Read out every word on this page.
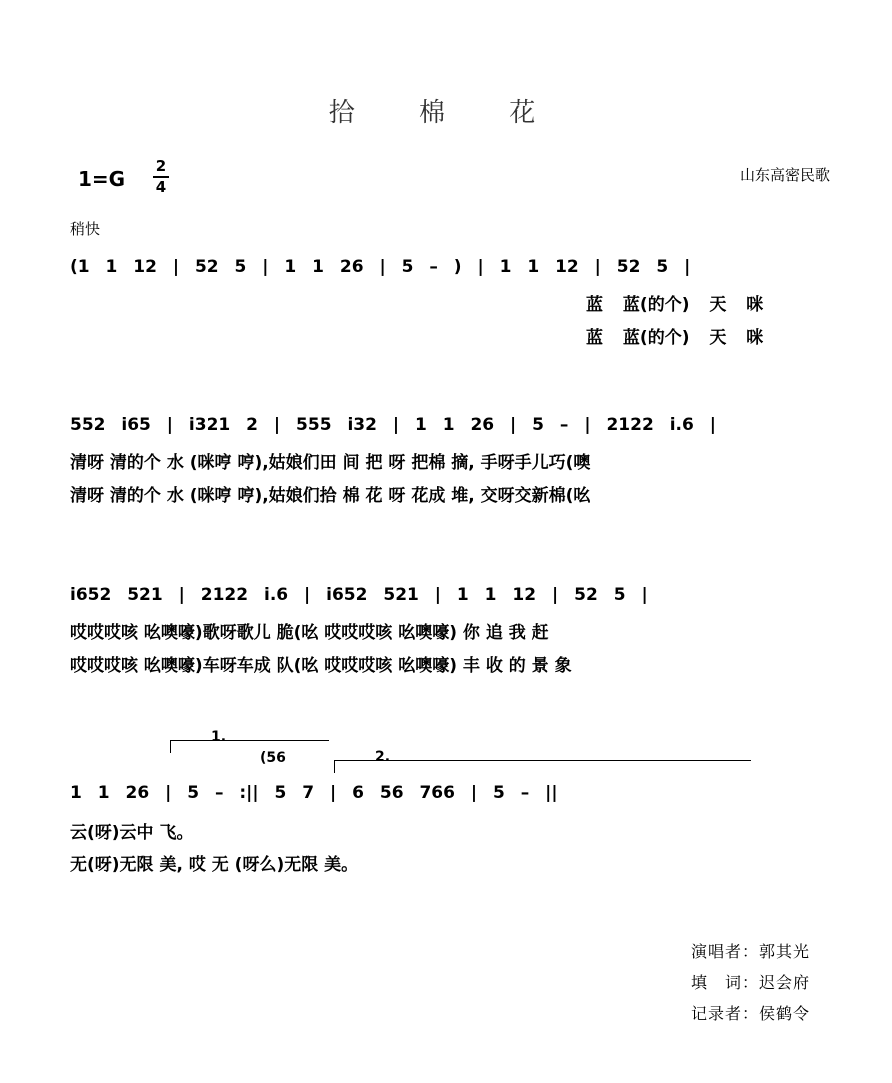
拾 棉 花
1=G
2
4
山东高密民歌
稍快
(1 1 12 | 52 5 | 1 1 26 | 5 – ) | 1 1 12 | 52 5 |
蓝 蓝(的个) 天 咪
蓝 蓝(的个) 天 咪
552 i65 | i321 2 | 555 i32 | 1 1 26 | 5 – | 2122 i.6 |
清呀 清的个 水 (咪哼 哼),姑娘们田 间 把 呀 把棉 摘, 手呀手儿巧(噢
清呀 清的个 水 (咪哼 哼),姑娘们拾 棉 花 呀 花成 堆, 交呀交新棉(吆
i652 521 | 2122 i.6 | i652 521 | 1 1 12 | 52 5 |
哎哎哎咳 吆噢嚎)歌呀歌儿 脆(吆 哎哎哎咳 吆噢嚎) 你 追 我 赶
哎哎哎咳 吆噢嚎)车呀车成 队(吆 哎哎哎咳 吆噢嚎) 丰 收 的 景 象
1.
2.
(56
1 1 26 | 5 – :|| 5 7 | 6 56 766 | 5 – ||
云(呀)云中 飞。
无(呀)无限 美, 哎 无 (呀么)无限 美。
演唱者：郭其光
填　词：迟会府
记录者：侯鹤令
